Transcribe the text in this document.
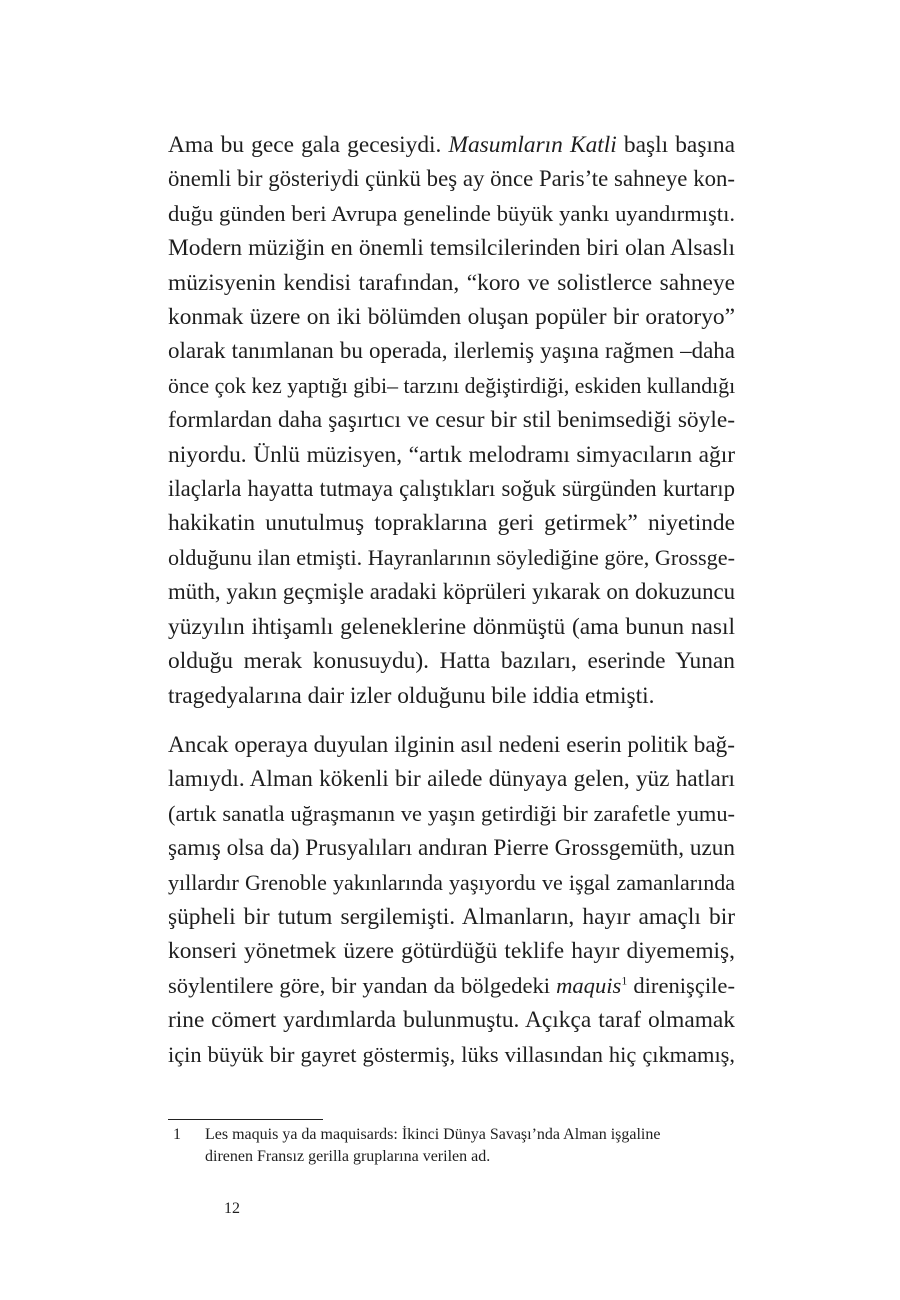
Ama bu gece gala gecesiydi. Masumların Katli başlı başına
önemli bir gösteriydi çünkü beş ay önce Paris’te sahneye kon-
duğu günden beri Avrupa genelinde büyük yankı uyandırmıştı.
Modern müziğin en önemli temsilcilerinden biri olan Alsaslı
müzisyenin kendisi tarafından, “koro ve solistlerce sahneye
konmak üzere on iki bölümden oluşan popüler bir oratoryo”
olarak tanımlanan bu operada, ilerlemiş yaşına rağmen –daha
önce çok kez yaptığı gibi– tarzını değiştirdiği, eskiden kullandığı
formlardan daha şaşırtıcı ve cesur bir stil benimsediği söyle-
niyordu. Ünlü müzisyen, “artık melodramı simyacıların ağır
ilaçlarla hayatta tutmaya çalıştıkları soğuk sürgünden kurtarıp
hakikatin unutulmuş topraklarına geri getirmek” niyetinde
olduğunu ilan etmişti. Hayranlarının söylediğine göre, Grossge-
müth, yakın geçmişle aradaki köprüleri yıkarak on dokuzuncu
yüzyılın ihtişamlı geleneklerine dönmüştü (ama bunun nasıl
olduğu merak konusuydu). Hatta bazıları, eserinde Yunan
tragedyalarına dair izler olduğunu bile iddia etmişti.
Ancak operaya duyulan ilginin asıl nedeni eserin politik bağ-
lamıydı. Alman kökenli bir ailede dünyaya gelen, yüz hatları
(artık sanatla uğraşmanın ve yaşın getirdiği bir zarafetle yumu-
şamış olsa da) Prusyalıları andıran Pierre Grossgemüth, uzun
yıllardır Grenoble yakınlarında yaşıyordu ve işgal zamanlarında
şüpheli bir tutum sergilemişti. Almanların, hayır amaçlı bir
konseri yönetmek üzere götürdüğü teklife hayır diyememiş,
söylentilere göre, bir yandan da bölgedeki maquis$^1$ direnişçile-
rine cömert yardımlarda bulunmuştu. Açıkça taraf olmamak
için büyük bir gayret göstermiş, lüks villasından hiç çıkmamış,
1 Les maquis ya da maquisards: İkinci Dünya Savaşı’nda Alman işgaline
direnen Fransız gerilla gruplarına verilen ad.
12
